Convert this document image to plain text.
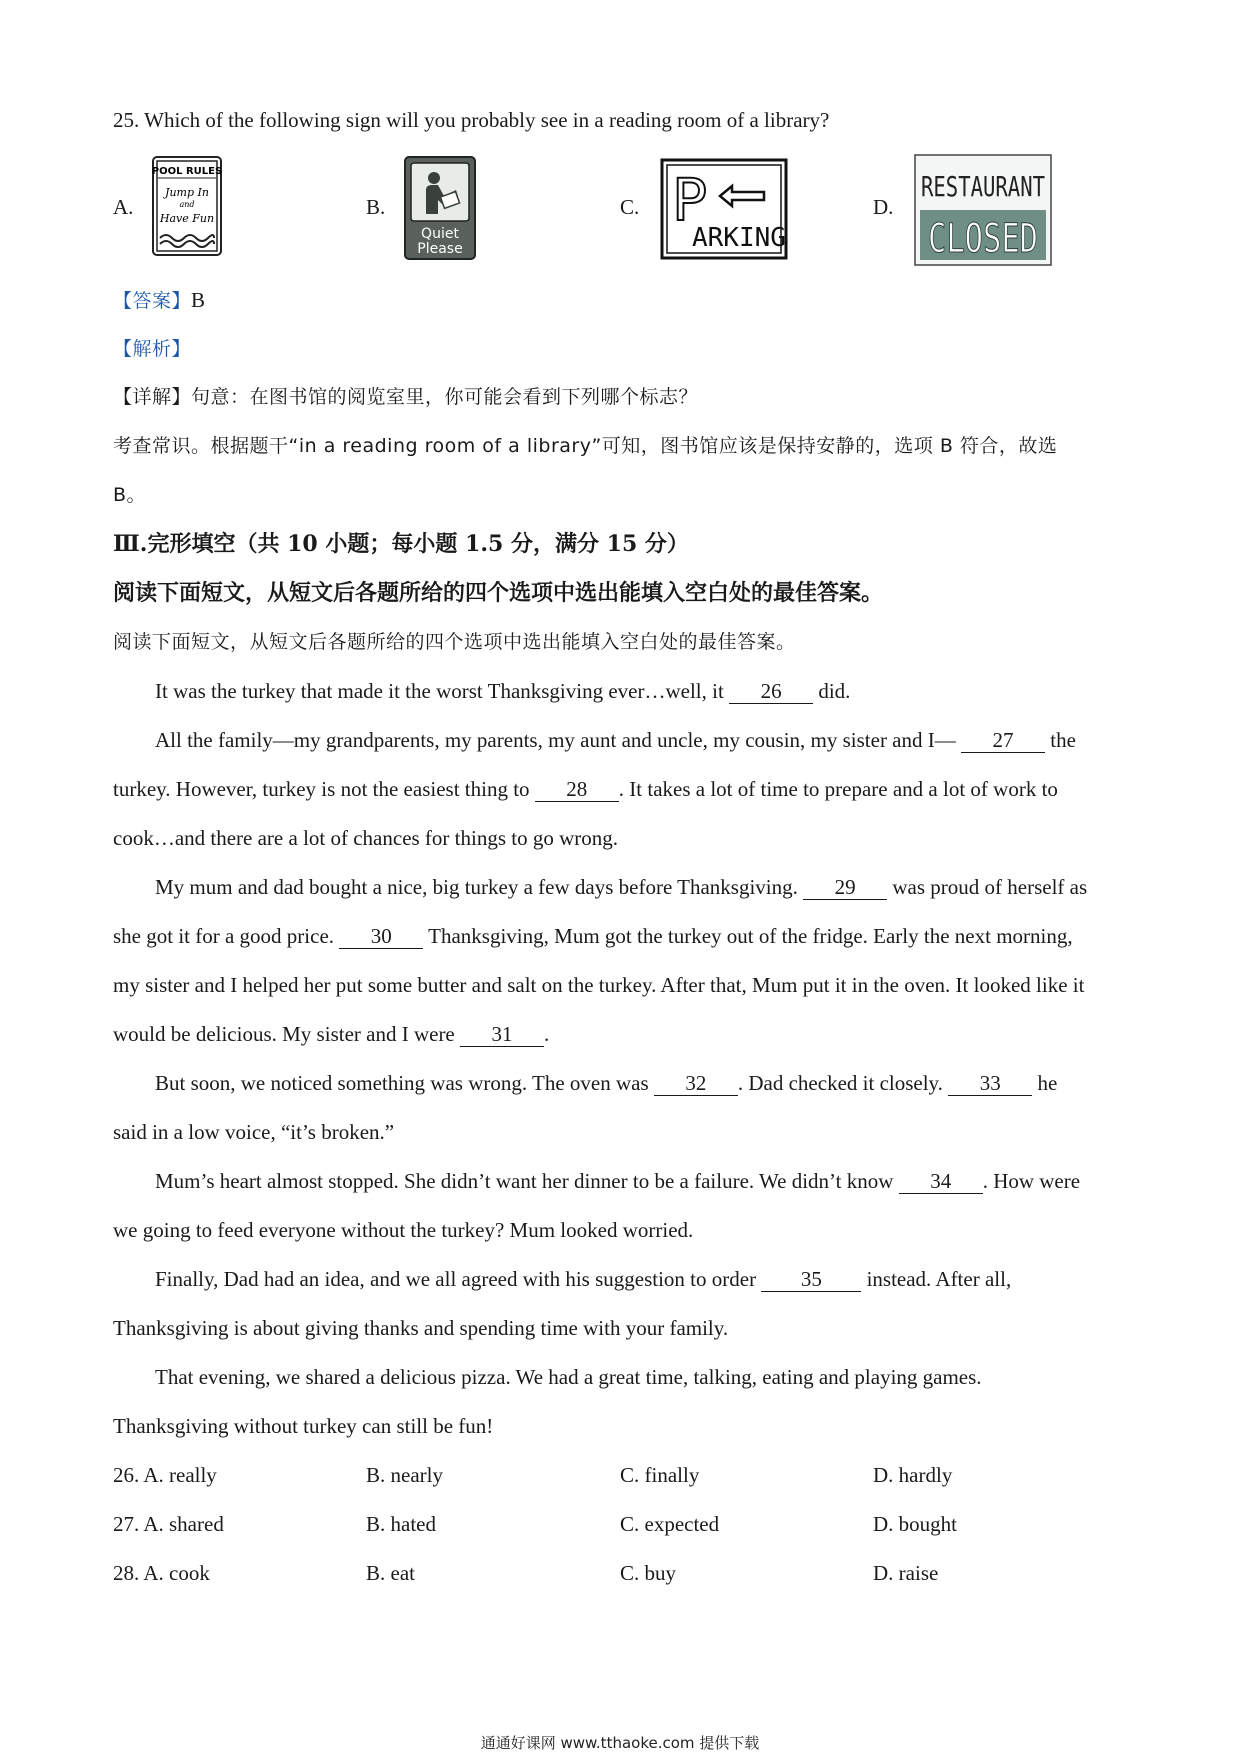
25. Which of the following sign will you probably see in a reading room of a library?
A.
POOL RULES
Jump In
and
Have Fun	B.
Quiet
Please
C. P
ARKING
D.
RESTAURANT
CLOSED
【答案】B
【解析】
【详解】句意：在图书馆的阅览室里，你可能会看到下列哪个标志？
考查常识。根据题干“in a reading room of a library”可知，图书馆应该是保持安静的，选项 B 符合，故选
B。
Ⅲ.完形填空（共 10 小题；每小题 1.5 分，满分 15 分）
阅读下面短文，从短文后各题所给的四个选项中选出能填入空白处的最佳答案。
阅读下面短文，从短文后各题所给的四个选项中选出能填入空白处的最佳答案。
It was the turkey that made it the worst Thanksgiving ever…well, it 26 did.
All the family—my grandparents, my parents, my aunt and uncle, my cousin, my sister and I— 27 the
turkey. However, turkey is not the easiest thing to 28 . It takes a lot of time to prepare and a lot of work to
cook…and there are a lot of chances for things to go wrong.
My mum and dad bought a nice, big turkey a few days before Thanksgiving. 29 was proud of herself as
she got it for a good price. 30 Thanksgiving, Mum got the turkey out of the fridge. Early the next morning,
my sister and I helped her put some butter and salt on the turkey. After that, Mum put it in the oven. It looked like it
would be delicious. My sister and I were 31 .
But soon, we noticed something was wrong. The oven was 32 . Dad checked it closely. 33 he
said in a low voice, “it’s broken.”
Mum’s heart almost stopped. She didn’t want her dinner to be a failure. We didn’t know 34 . How were
we going to feed everyone without the turkey? Mum looked worried.
Finally, Dad had an idea, and we all agreed with his suggestion to order 35 instead. After all,
Thanksgiving is about giving thanks and spending time with your family.
That evening, we shared a delicious pizza. We had a great time, talking, eating and playing games.
Thanksgiving without turkey can still be fun!
26. A. really	B. nearly	C. finally	D. hardly
27. A. shared	B. hated	C. expected	D. bought
28. A. cook	B. eat	C. buy	D. raise
通通好课网 www.tthaoke.com 提供下载
